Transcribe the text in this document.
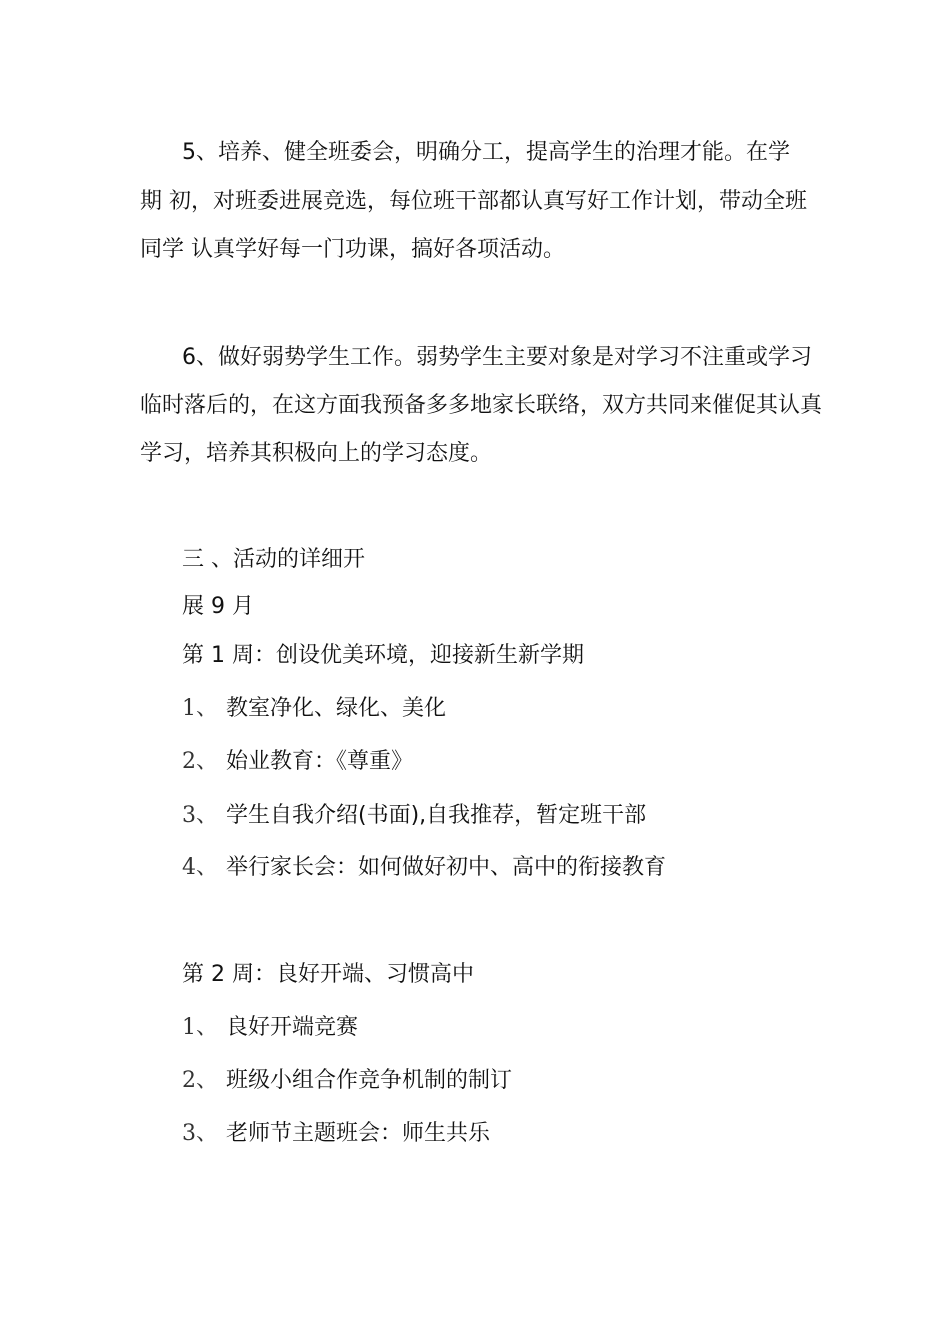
5、培养、健全班委会，明确分工，提高学生的治理才能。在学
期 初，对班委进展竞选，每位班干部都认真写好工作计划，带动全班
同学 认真学好每一门功课，搞好各项活动。
6、做好弱势学生工作。弱势学生主要对象是对学习不注重或学习
临时落后的，在这方面我预备多多地家长联络，双方共同来催促其认真
学习，培养其积极向上的学习态度。
三 、活动的详细开
展 9 月
第 1 周：创设优美环境，迎接新生新学期
1、 教室净化、绿化、美化
2、 始业教育：《尊重》
3、 学生自我介绍(书面),自我推荐，暂定班干部
4、 举行家长会：如何做好初中、高中的衔接教育
第 2 周：良好开端、习惯高中
1、 良好开端竞赛
2、 班级小组合作竞争机制的制订
3、 老师节主题班会：师生共乐
